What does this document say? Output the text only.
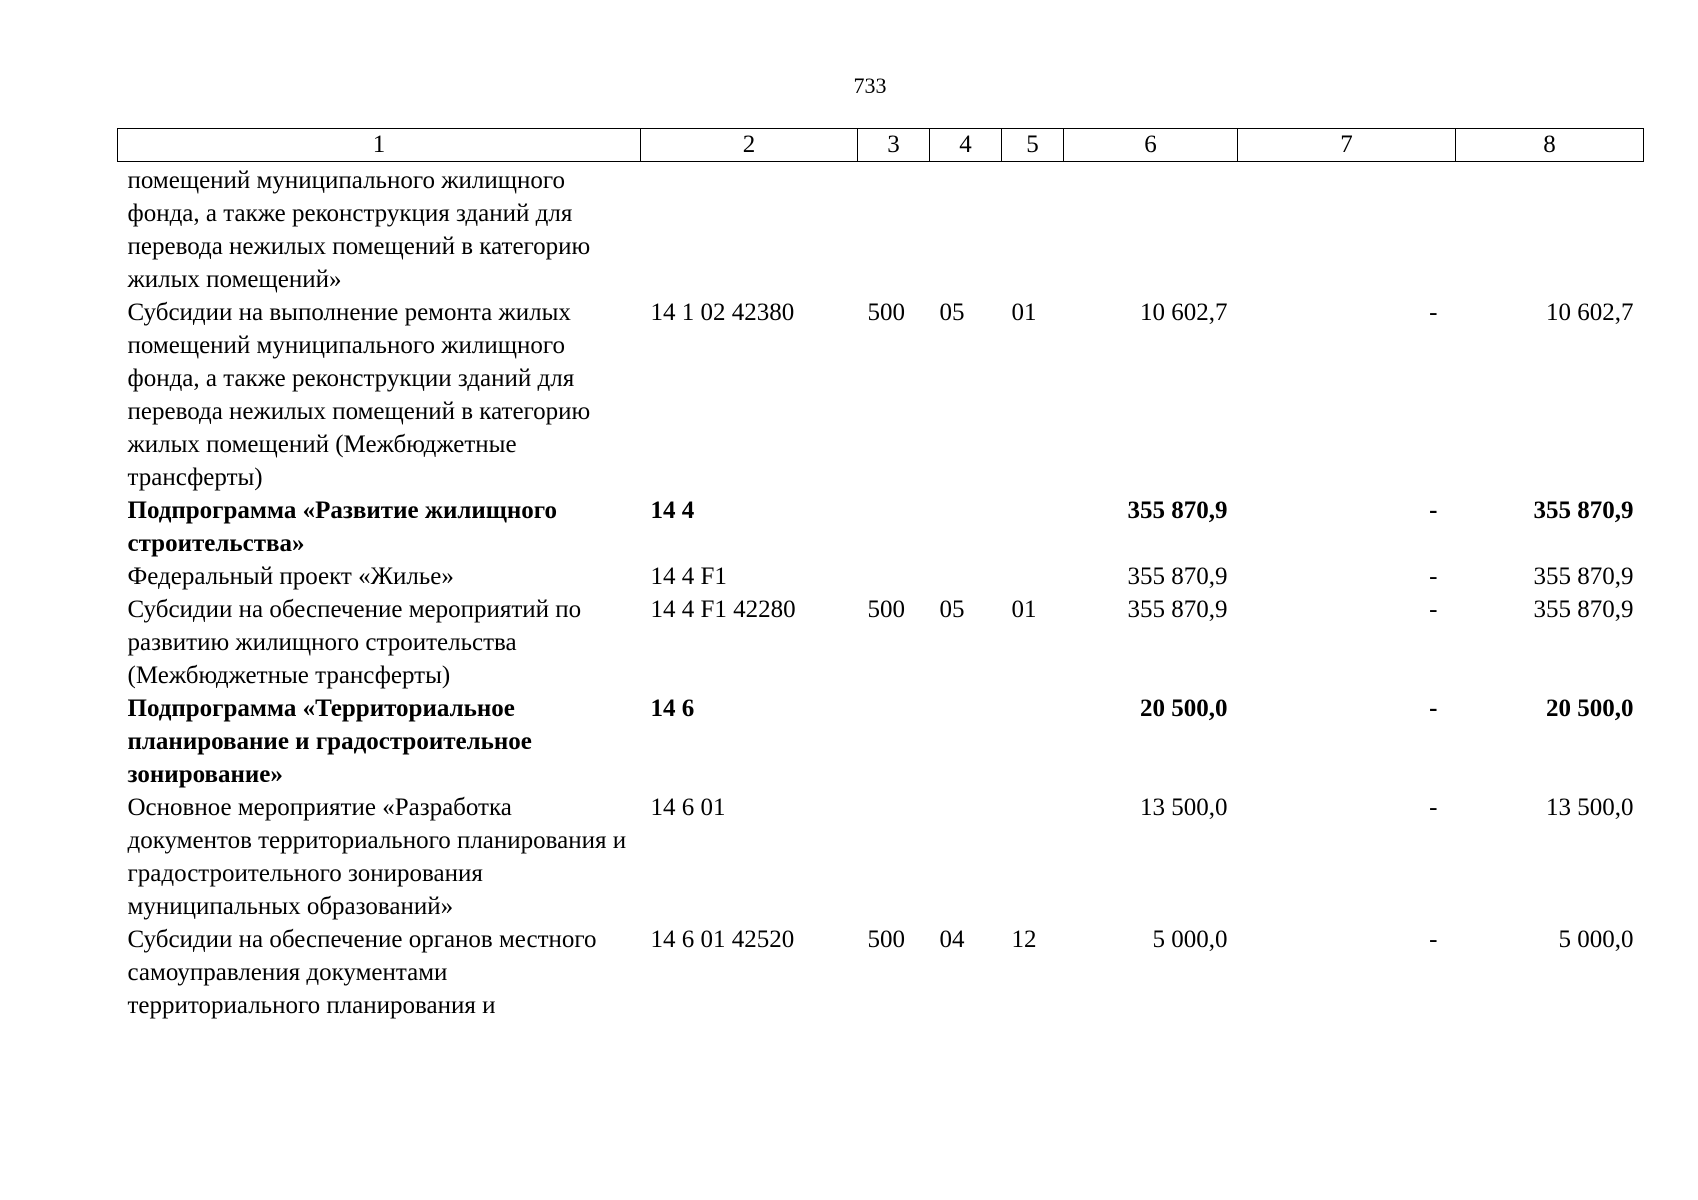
733
1	2	3	4	5	6	7	8
помещений муниципального жилищного фонда, а также реконструкция зданий для перевода нежилых помещений в категорию жилых помещений»							
Субсидии на выполнение ремонта жилых помещений муниципального жилищного фонда, а также реконструкции зданий для перевода нежилых помещений в категорию жилых помещений (Межбюджетные трансферты)	14 1 02 42380	500	05	01	10 602,7	-	10 602,7
Подпрограмма «Развитие жилищного строительства»	14 4				355 870,9	-	355 870,9
Федеральный проект «Жилье»	14 4 F1				355 870,9	-	355 870,9
Субсидии на обеспечение мероприятий по развитию жилищного строительства (Межбюджетные трансферты)	14 4 F1 42280	500	05	01	355 870,9	-	355 870,9
Подпрограмма «Территориальное планирование и градостроительное зонирование»	14 6				20 500,0	-	20 500,0
Основное мероприятие «Разработка документов территориального планирования и градостроительного зонирования муниципальных образований»	14 6 01				13 500,0	-	13 500,0
Субсидии на обеспечение органов местного самоуправления документами территориального планирования и	14 6 01 42520	500	04	12	5 000,0	-	5 000,0
